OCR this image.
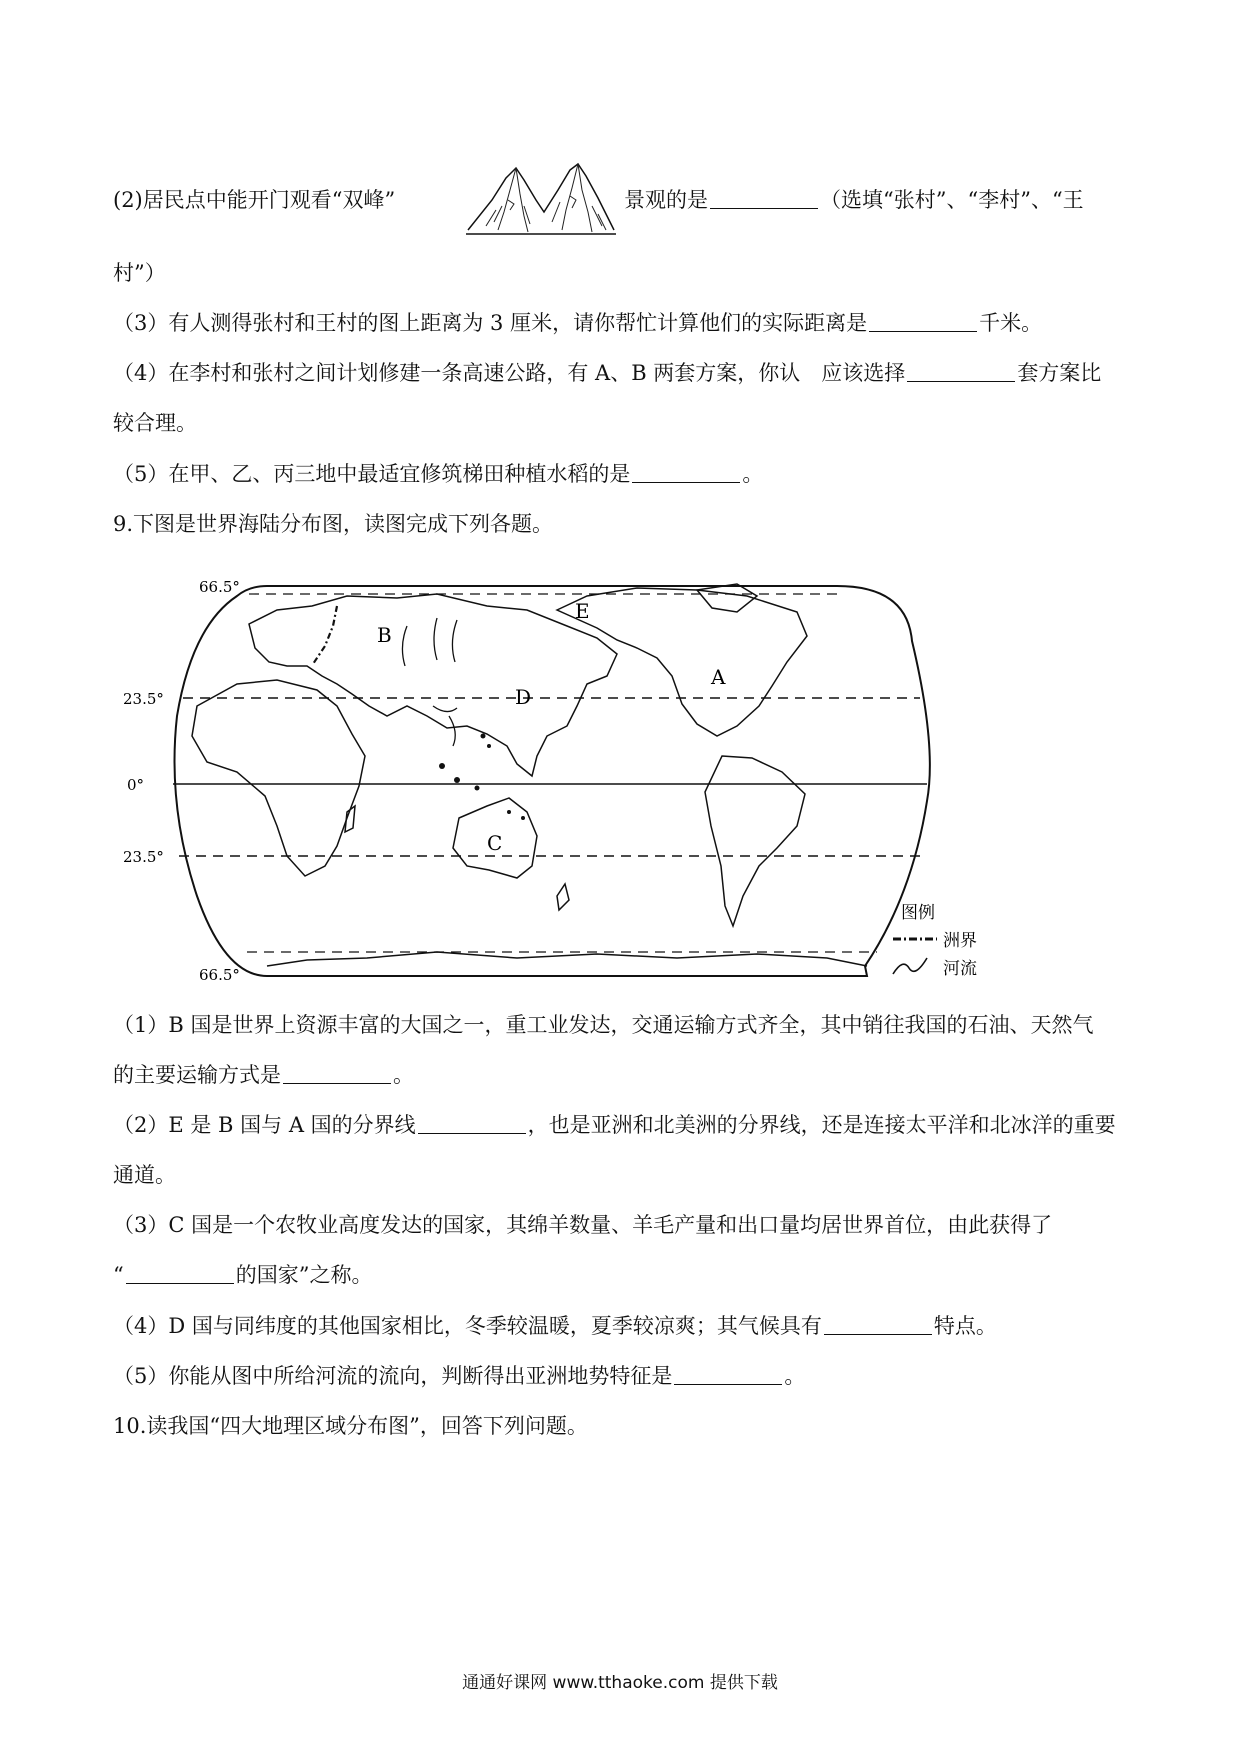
(2)居民点中能开门观看“双峰”	景观的是	（选填“张村”、“李村”、“王
村”）
（3）有人测得张村和王村的图上距离为 3 厘米，请你帮忙计算他们的实际距离是	千米。
（4）在李村和张村之间计划修建一条高速公路，有 A、B 两套方案，你认　应该选择	套方案比
较合理。
（5）在甲、乙、丙三地中最适宜修筑梯田种植水稻的是	。
9.下图是世界海陆分布图，读图完成下列各题。
66.5°
23.5°
0°
23.5°
66.5°
B
E
A
D
C
图例
洲界
河流
（1）B 国是世界上资源丰富的大国之一，重工业发达，交通运输方式齐全，其中销往我国的石油、天然气
的主要运输方式是	。
（2）E 是 B 国与 A 国的分界线	，也是亚洲和北美洲的分界线，还是连接太平洋和北冰洋的重要
通道。
（3）C 国是一个农牧业高度发达的国家，其绵羊数量、羊毛产量和出口量均居世界首位，由此获得了
“	的国家”之称。
（4）D 国与同纬度的其他国家相比，冬季较温暖，夏季较凉爽；其气候具有	特点。
（5）你能从图中所给河流的流向，判断得出亚洲地势特征是	。
10.读我国“四大地理区域分布图”，回答下列问题。
通通好课网 www.tthaoke.com 提供下载
